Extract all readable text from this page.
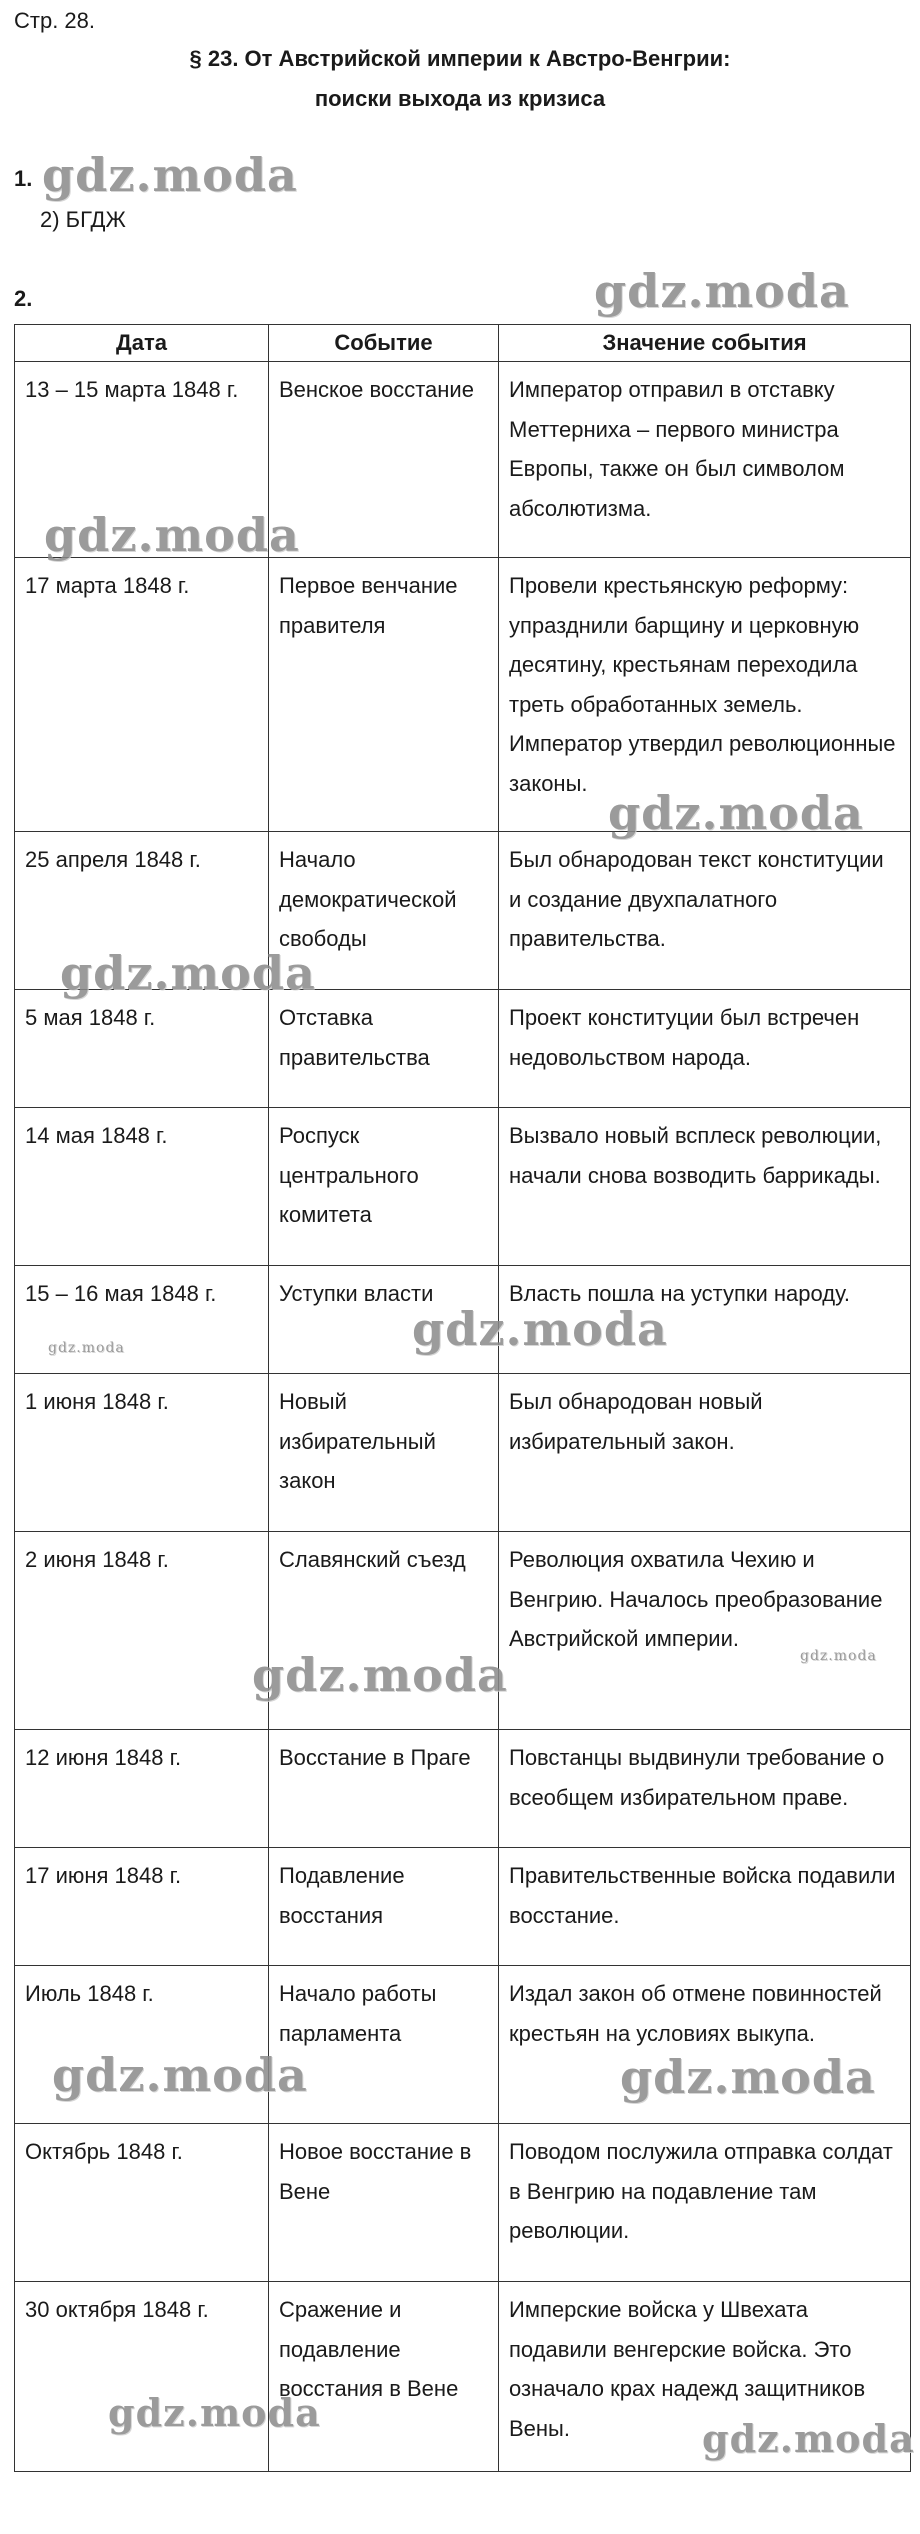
Стр. 28.
§ 23. От Австрийской империи к Австро-Венгрии:
поиски выхода из кризиса
1.
2) БГДЖ
2.
Дата	Событие	Значение события
13 – 15 марта 1848 г.	Венское восстание	Император отправил в отставку Меттерниха – первого министра Европы, также он был символом абсолютизма.
17 марта 1848 г.	Первое венчание правителя	Провели крестьянскую реформу: упразднили барщину и церковную десятину, крестьянам переходила треть обработанных земель. Император утвердил революционные законы.
25 апреля 1848 г.	Начало демократической свободы	Был обнародован текст конституции и создание двухпалатного правительства.
5 мая 1848 г.	Отставка правительства	Проект конституции был встречен недовольством народа.
14 мая 1848 г.	Роспуск центрального комитета	Вызвало новый всплеск революции, начали снова возводить баррикады.
15 – 16 мая 1848 г.	Уступки власти	Власть пошла на уступки народу.
1 июня 1848 г.	Новый избирательный закон	Был обнародован новый избирательный закон.
2 июня 1848 г.	Славянский съезд	Революция охватила Чехию и Венгрию. Началось преобразование Австрийской империи.
12 июня 1848 г.	Восстание в Праге	Повстанцы выдвинули требование о всеобщем избирательном праве.
17 июня 1848 г.	Подавление восстания	Правительственные войска подавили восстание.
Июль 1848 г.	Начало работы парламента	Издал закон об отмене повинностей крестьян на условиях выкупа.
Октябрь 1848 г.	Новое восстание в Вене	Поводом послужила отправка солдат в Венгрию на подавление там революции.
30 октября 1848 г.	Сражение и подавление восстания в Вене	Имперские войска у Швехата подавили венгерские войска. Это означало крах надежд защитников Вены.
gdz.moda
gdz.moda
gdz.moda
gdz.moda
gdz.moda
gdz.moda	gdz.moda
gdz.moda	gdz.moda
gdz.moda	gdz.moda
gdz.moda
gdz.moda
